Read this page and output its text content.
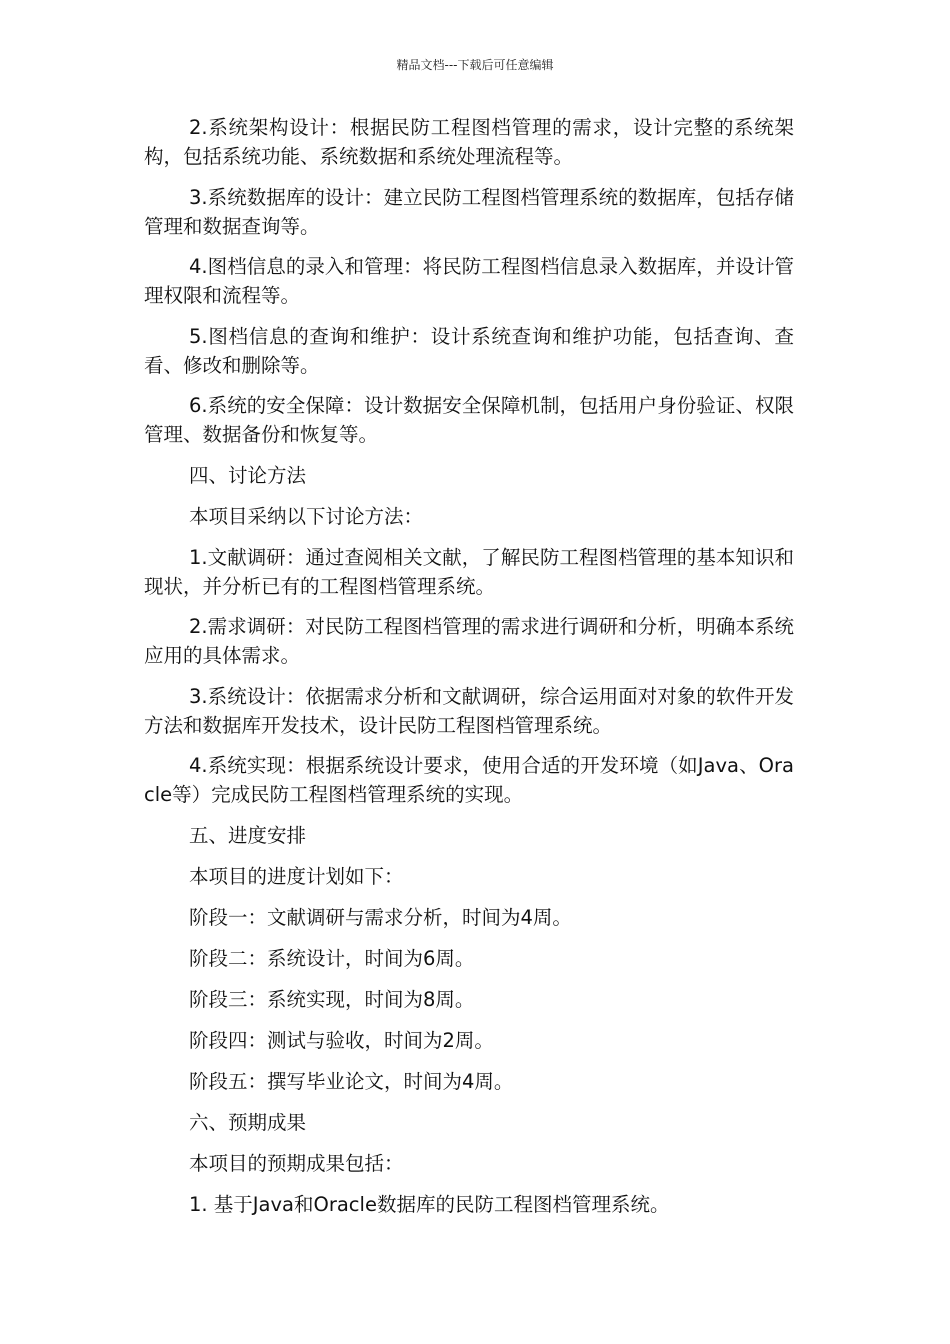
精品文档---下载后可任意编辑

2.系统架构设计：根据民防工程图档管理的需求，设计完整的系统架构，包括系统功能、系统数据和系统处理流程等。

3.系统数据库的设计：建立民防工程图档管理系统的数据库，包括存储管理和数据查询等。

4.图档信息的录入和管理：将民防工程图档信息录入数据库，并设计管理权限和流程等。

5.图档信息的查询和维护：设计系统查询和维护功能，包括查询、查看、修改和删除等。

6.系统的安全保障：设计数据安全保障机制，包括用户身份验证、权限管理、数据备份和恢复等。

四、讨论方法

本项目采纳以下讨论方法：

1.文献调研：通过查阅相关文献，了解民防工程图档管理的基本知识和现状，并分析已有的工程图档管理系统。

2.需求调研：对民防工程图档管理的需求进行调研和分析，明确本系统应用的具体需求。

3.系统设计：依据需求分析和文献调研，综合运用面对对象的软件开发方法和数据库开发技术，设计民防工程图档管理系统。

4.系统实现：根据系统设计要求，使用合适的开发环境（如Java、Oracle等）完成民防工程图档管理系统的实现。

五、进度安排

本项目的进度计划如下：

阶段一：文献调研与需求分析，时间为4周。

阶段二：系统设计，时间为6周。

阶段三：系统实现，时间为8周。

阶段四：测试与验收，时间为2周。

阶段五：撰写毕业论文，时间为4周。

六、预期成果

本项目的预期成果包括：

1. 基于Java和Oracle数据库的民防工程图档管理系统。
